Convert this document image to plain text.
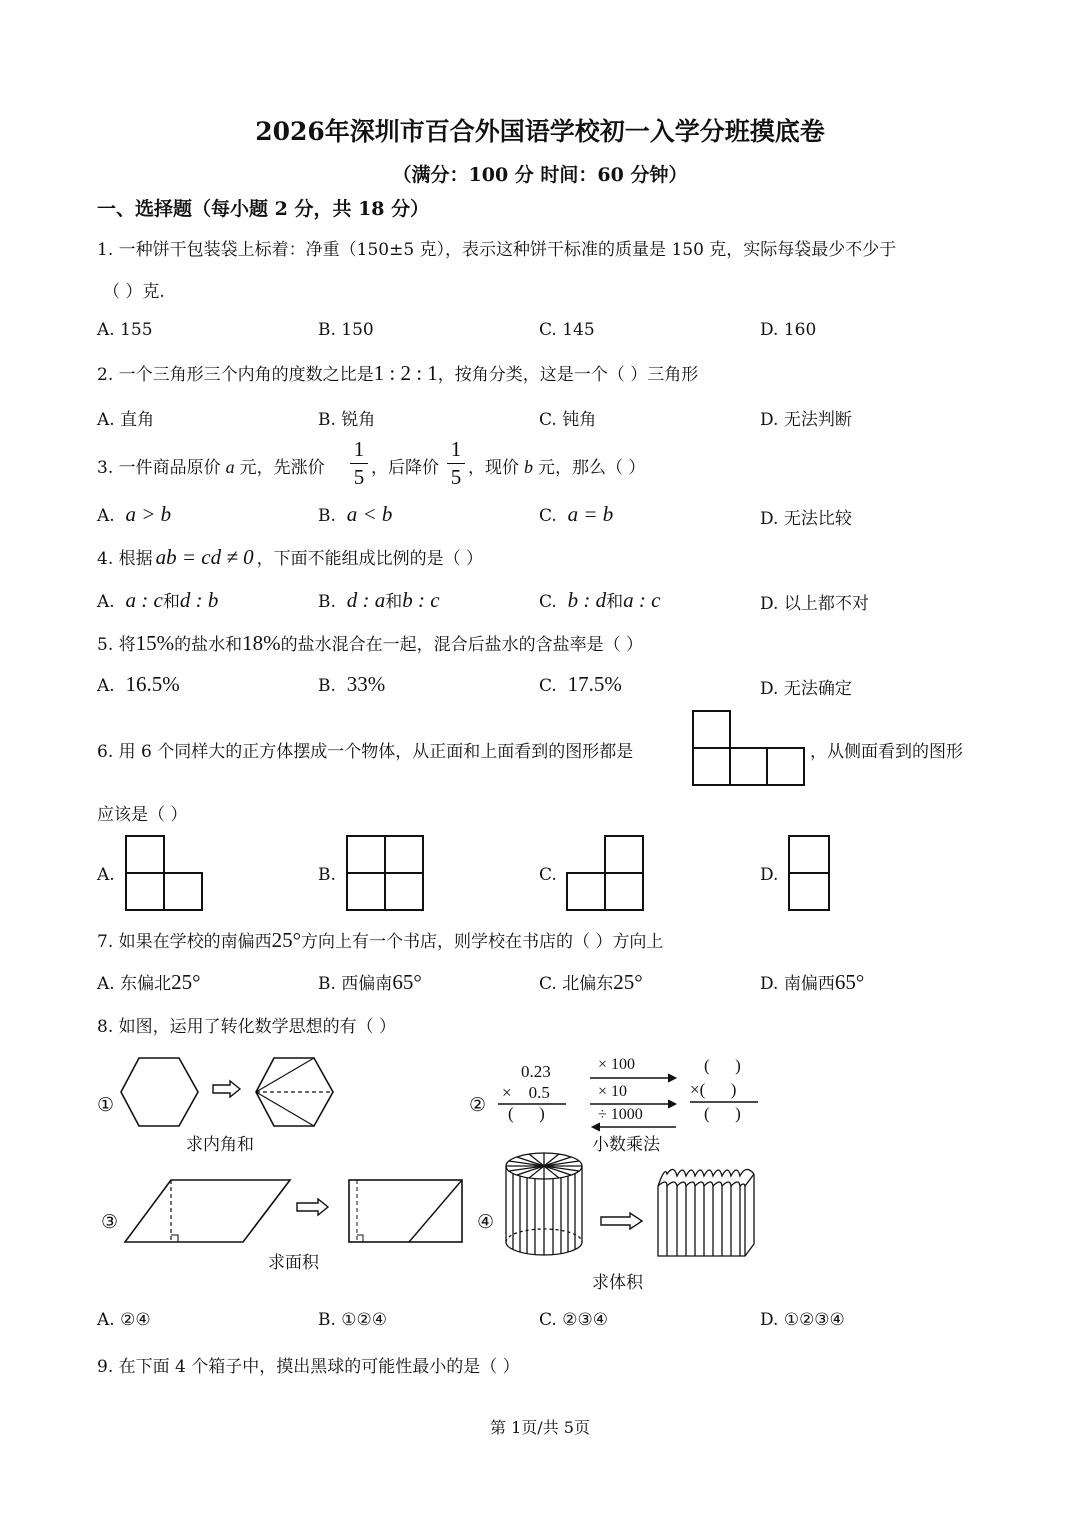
2026年深圳市百合外国语学校初一入学分班摸底卷
（满分：100 分 时间：60 分钟）
一、选择题（每小题 2 分，共 18 分）
1. 一种饼干包装袋上标着：净重（150±5 克），表示这种饼干标准的质量是 150 克，实际每袋最少不少于
（ ）克.
A. 155	B. 150	C. 145	D. 160
2. 一个三角形三个内角的度数之比是1 : 2 : 1，按角分类，这是一个（ ）三角形
A. 直角	B. 锐角	C. 钝角	D. 无法判断
3. 一件商品原价 a 元，先涨价
1
5 ，后降价
1
5 ，现价 b 元，那么（ ）
A. a > b	B. a < b	C. a = b	D. 无法比较
4. 根据 ab = cd ≠ 0 ，下面不能组成比例的是（ ）
A. a : c和d : b	B. d : a和b : c	C. b : d和a : c	D. 以上都不对
5. 将15%的盐水和18%的盐水混合在一起，混合后盐水的含盐率是（ ）
A. 16.5%	B. 33%	C. 17.5%	D. 无法确定
6. 用 6 个同样大的正方体摆成一个物体，从正面和上面看到的图形都是	，从侧面看到的图形
应该是（ ）
A.	B.	C.	D.
7. 如果在学校的南偏西25°方向上有一个书店，则学校在书店的（ ）方向上
A. 东偏北25°	B. 西偏南65°	C. 北偏东25°	D. 南偏西65°
8. 如图，运用了转化数学思想的有（ ）
①
求内角和
②
0.23
×    0.5
(      )
× 100
× 10
÷ 1000
(      )
×(      )
(      )
小数乘法
③
求面积
④
求体积
A. ②④	B. ①②④	C. ②③④	D. ①②③④
9. 在下面 4 个箱子中，摸出黑球的可能性最小的是（ ）
第 1页/共 5页
